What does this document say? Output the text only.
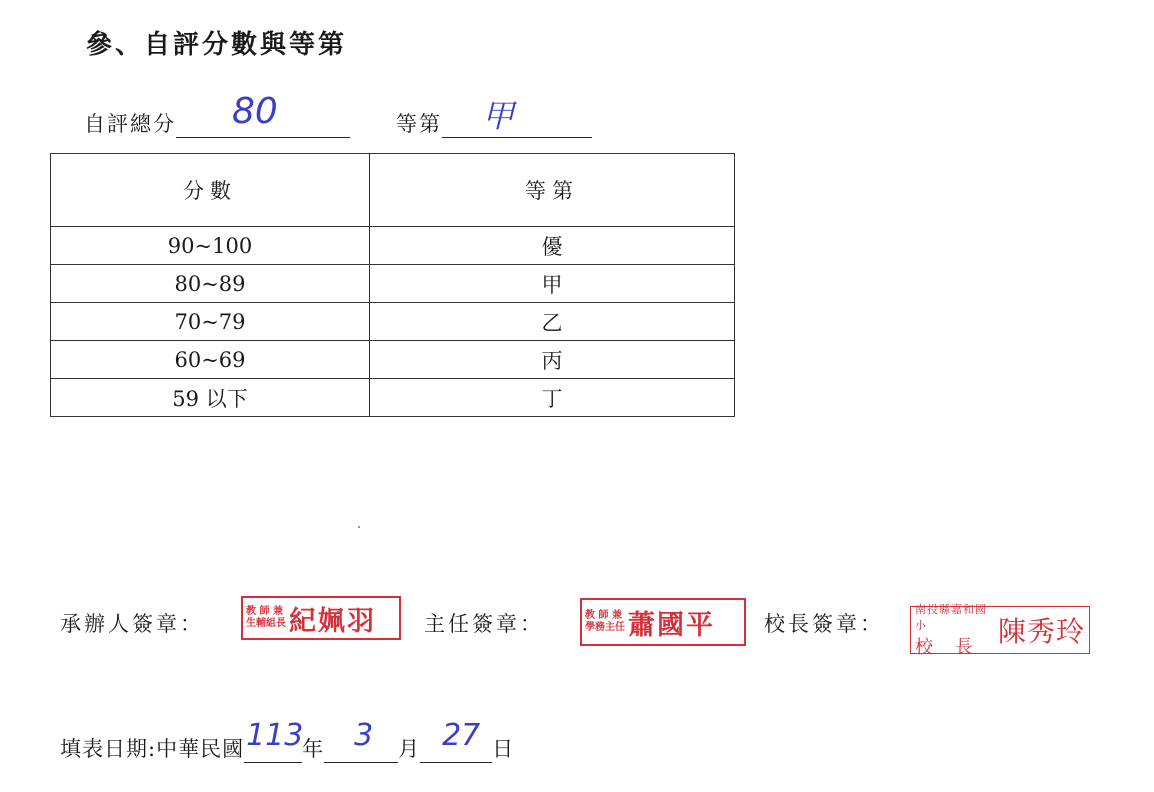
參、自評分數與等第
自評總分 80	等第 甲
分數	等第
90~100	優
80~89	甲
70~79	乙
60~69	丙
59 以下	丁
承辦人簽章：
教 師 兼
生輔組長 紀姵羽 主任簽章：	教 師 兼
學務主任 蕭國平 校長簽章：
南投縣嘉和國小
校　長 陳秀玲
填表日期:中華民國 113
年 3 月 27 日
